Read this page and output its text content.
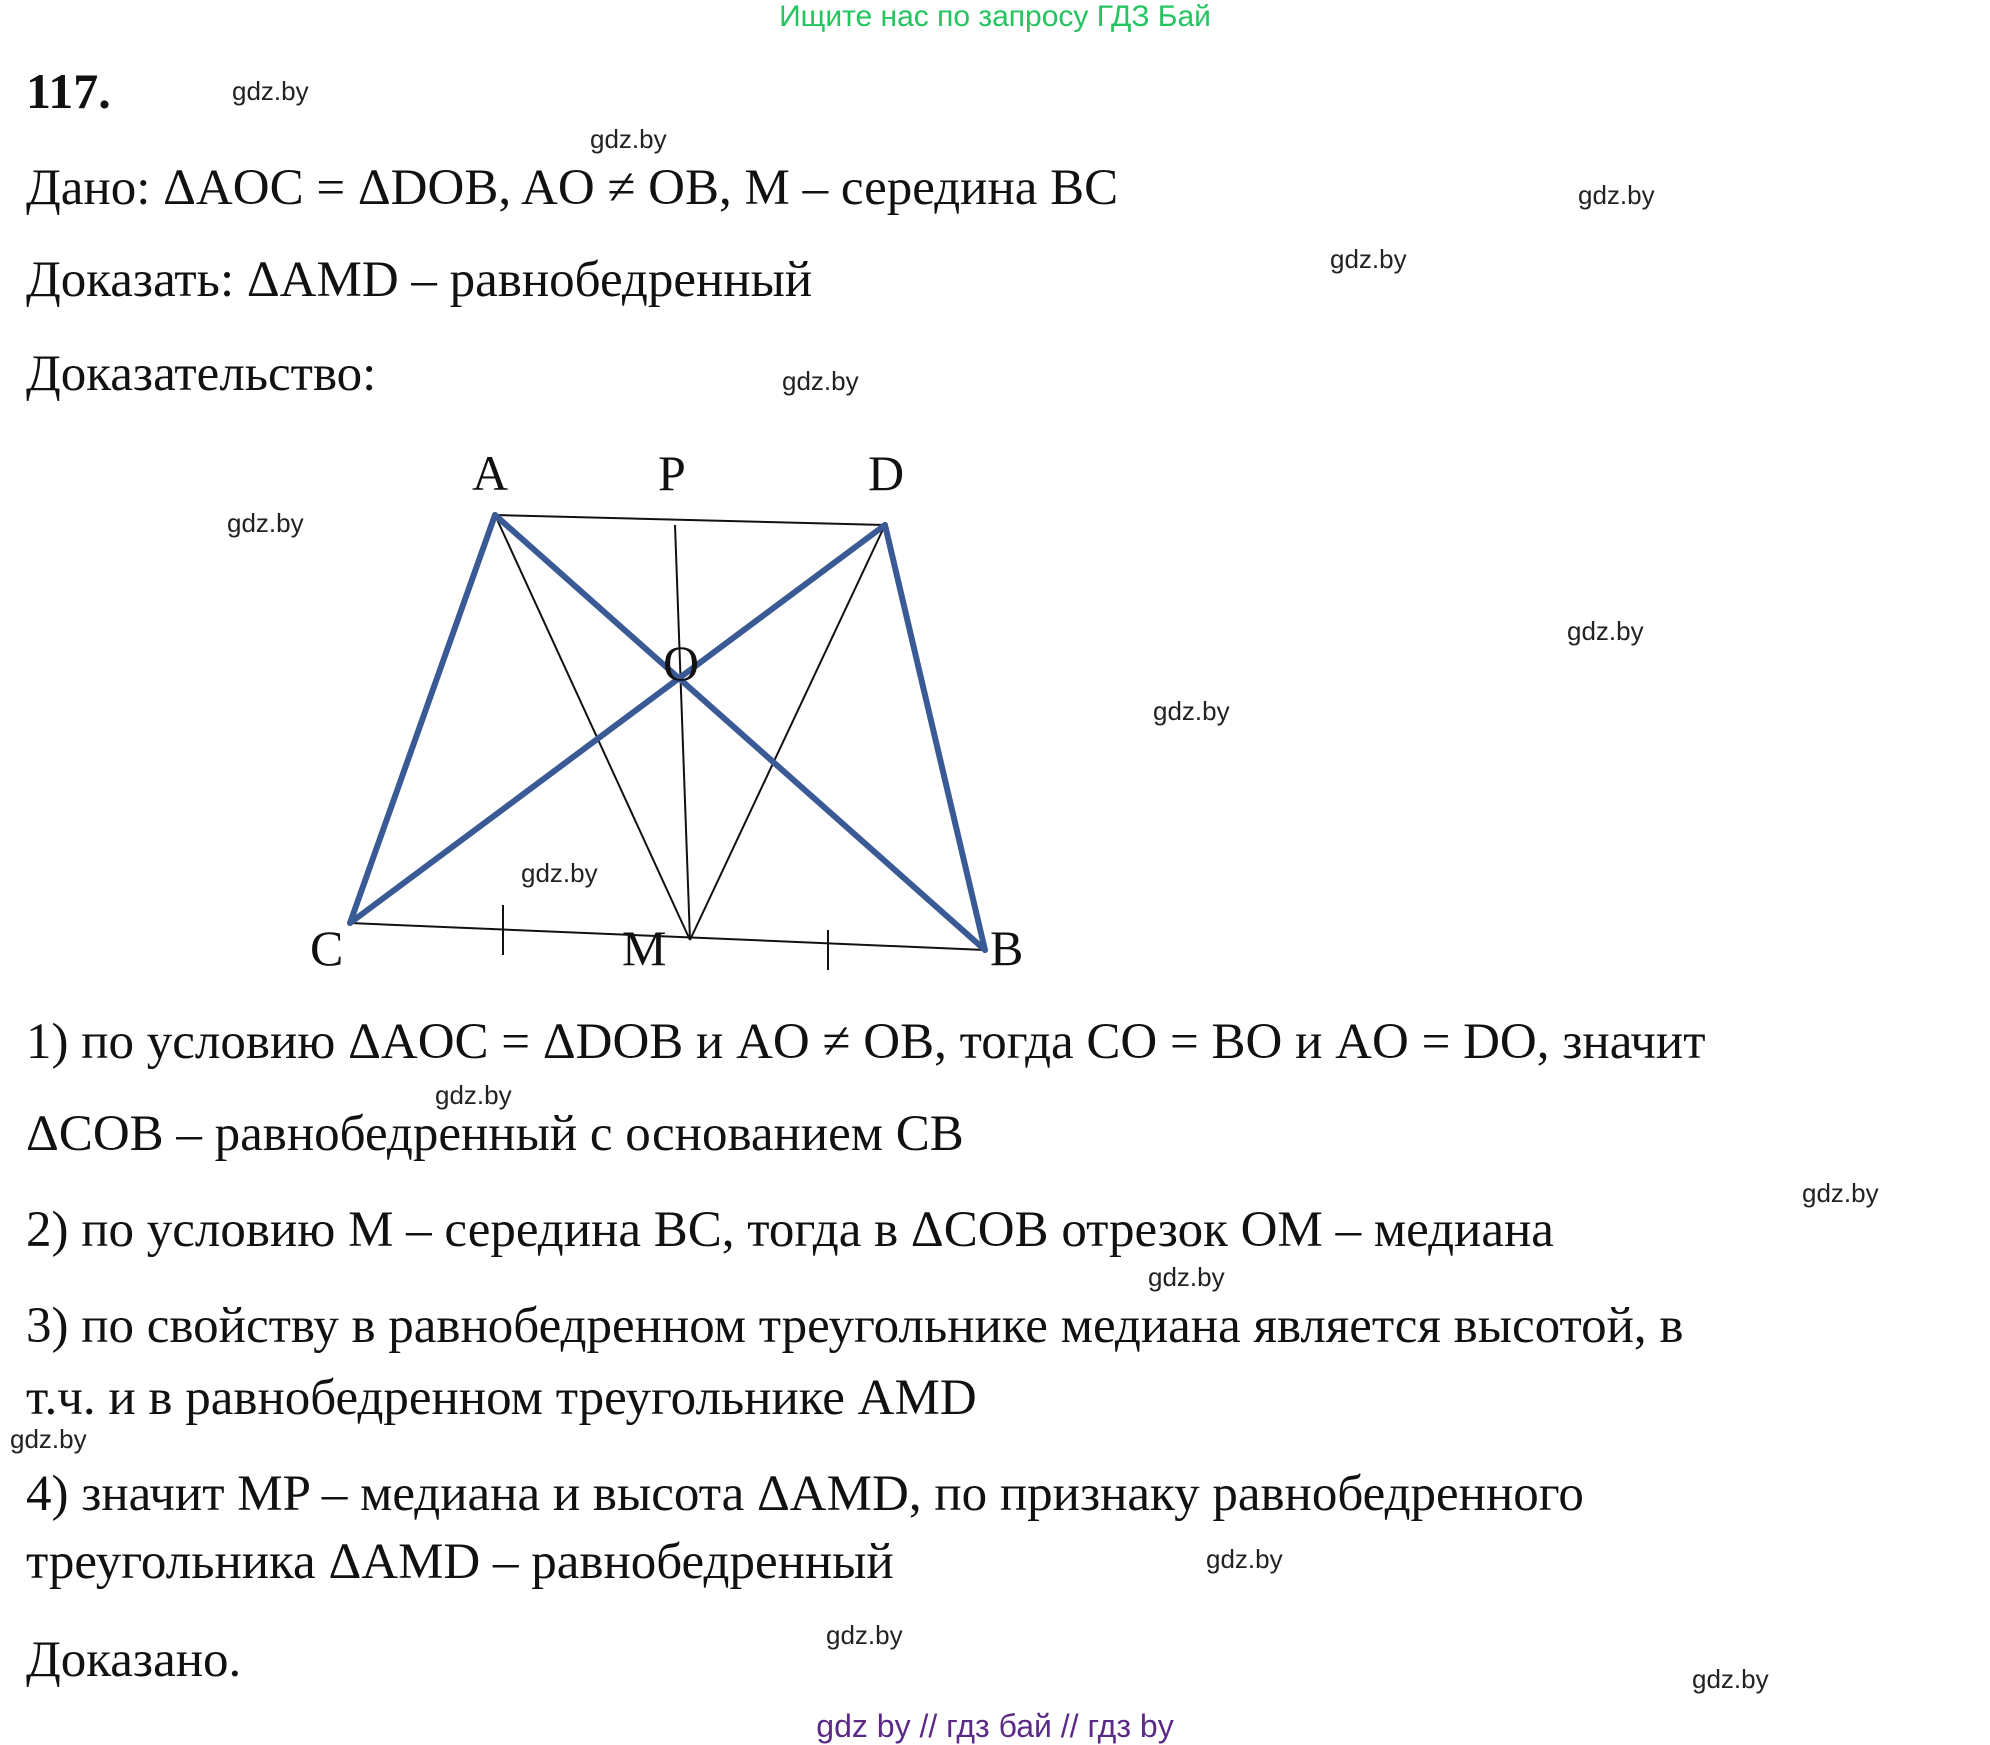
Ищите нас по запросу ГДЗ Бай
117.
Дано: ΔAOC = ΔDOB, AO ≠ OB, M – середина BC
Доказать: ΔAMD – равнобедренный
Доказательство:
A	P	D
O
C	M	B
1) по условию ΔAOC = ΔDOB и AO ≠ OB, тогда CO = BO и AO = DO, значит
ΔCOB – равнобедренный с основанием CB
2) по условию M – середина BC, тогда в ΔCOB отрезок OM – медиана
3) по свойству в равнобедренном треугольнике медиана является высотой, в
т.ч. и в равнобедренном треугольнике AMD
4) значит MP – медиана и высота ΔAMD, по признаку равнобедренного
треугольника ΔAMD – равнобедренный
Доказано.
gdz.by
gdz.by
gdz.by
gdz.by
gdz.by
gdz.by
gdz.by
gdz.by
gdz.by
gdz.by
gdz.by
gdz.by
gdz.by
gdz.by
gdz.by
gdz.by
gdz by // гдз бай // гдз by
